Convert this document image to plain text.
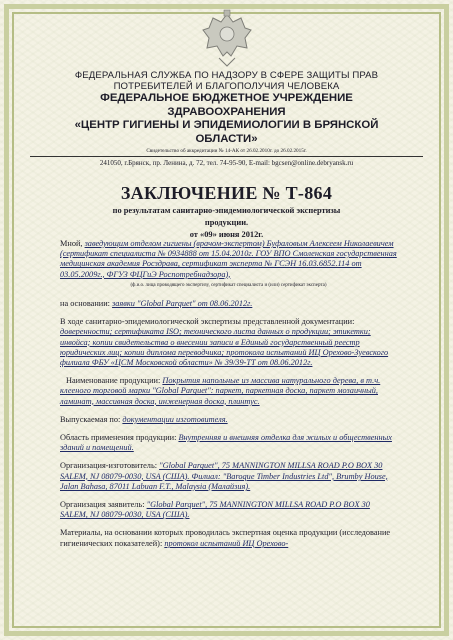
ФЕДЕРАЛЬНАЯ СЛУЖБА ПО НАДЗОРУ В СФЕРЕ ЗАЩИТЫ ПРАВ
ПОТРЕБИТЕЛЕЙ И БЛАГОПОЛУЧИЯ ЧЕЛОВЕКА
ФЕДЕРАЛЬНОЕ БЮДЖЕТНОЕ УЧРЕЖДЕНИЕ
ЗДРАВООХРАНЕНИЯ
«ЦЕНТР ГИГИЕНЫ И ЭПИДЕМИОЛОГИИ В БРЯНСКОЙ
ОБЛАСТИ»
Свидетельство об аккредитации № 14-АК от 26.02.2010г. до 26.02.2015г.
241050, г.Брянск, пр. Ленина, д. 72, тел. 74-95-90, E-mail: bgcsen@online.debryansk.ru
ЗАКЛЮЧЕНИЕ № Т-864
по результатам санитарно-эпидемиологической экспертизы
продукции.
от «09» июня 2012г.

Мной, заведующим отделом гигиены (врачом-экспертом) Буфаловым Алексеем Николаевичем (сертификат специалиста № 0934888 от 15.04.2010г. ГОУ ВПО Смоленская государственная медицинская академия Росздрава, сертификат эксперта № ГСЭН 16.03.6852.114 от 03.05.2009г., ФГУЗ ФЦГиЭ Роспотребнадзора),
(ф.и.о. лица проводящего экспертизу, сертификат специалиста и (или) сертификат эксперта)

на основании: заявки "Global Parquet" от 08.06.2012г.

В ходе санитарно-эпидемиологической экспертизы представленной документации: доверенности; сертификата ISO; технического листа данных о продукции; этикетки; инвойса; копии свидетельства о внесении записи в Единый государственный реестр юридических лиц; копии диплома переводчика; протокола испытаний ИЦ Орехово-Зуевского филиала ФБУ «ЦСМ Московской области» № 39/39-ТТ от 08.06.2012г.

Наименование продукции: Покрытия напольные из массива натурального дерева, в т.ч. клееного торговой марки "Global Parquet": паркет, паркетная доска, паркет мозаичный, ламинат, массивная доска, инженерная доска, плинтус.

Выпускаемая по: документации изготовителя.

Область применения продукции: Внутренняя и внешняя отделка для жилых и общественных зданий и помещений.

Организация-изготовитель: "Global Parquet", 75 MANNINGTON MILLSA ROAD P.O BOX 30 SALEM, NJ 08079-0030, USA (США). Филиал: "Baroque Timber Industries Ltd", Brumby House, Jalan Bahasa, 87011 Labuan F.T., Malaysia (Малайзия).

Организация заявитель: "Global Parquet", 75 MANNINGTON MILLSA ROAD P.O BOX 30 SALEM, NJ 08079-0030, USA (США).

Материалы, на основании которых проводилась экспертная оценка продукции (исследование гигиенических показателей): протокол испытаний ИЦ Орехово-
